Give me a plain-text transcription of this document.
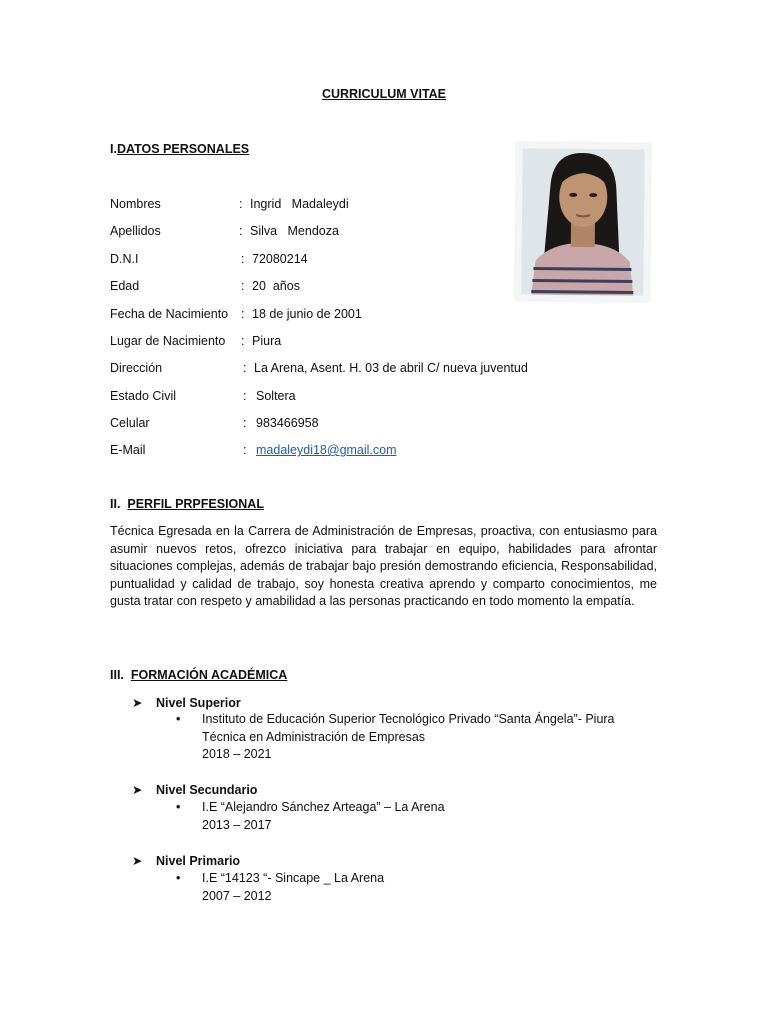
CURRICULUM VITAE
I.DATOS PERSONALES
Nombres	: Ingrid   Madaleydi
Apellidos	: Silva   Mendoza
D.N.I	: 72080214
Edad	: 20  años
Fecha de Nacimiento : 18 de junio de 2001
Lugar de Nacimiento : Piura
Dirección	: La Arena, Asent. H. 03 de abril C/ nueva juventud
Estado Civil	: Soltera
Celular	: 983466958
E-Mail	: madaleydi18@gmail.com
II. PERFIL PRPFESIONAL
Técnica Egresada en la Carrera de Administración de Empresas, proactiva, con entusiasmo para asumir nuevos retos, ofrezco iniciativa para trabajar en equipo, habilidades para afrontar situaciones complejas, además de trabajar bajo presión demostrando eficiencia, Responsabilidad, puntualidad y calidad de trabajo, soy honesta creativa aprendo y comparto conocimientos, me gusta tratar con respeto y amabilidad a las personas practicando en todo momento la empatía.
III. FORMACIÓN ACADÉMICA
➤ Nivel Superior
• Instituto de Educación Superior Tecnológico Privado “Santa Ángela”- Piura
Técnica en Administración de Empresas
2018 – 2021
➤ Nivel Secundario
• I.E “Alejandro Sánchez Arteaga” – La Arena
2013 – 2017
➤ Nivel Primario
• I.E “14123 “- Sincape _ La Arena
2007 – 2012
